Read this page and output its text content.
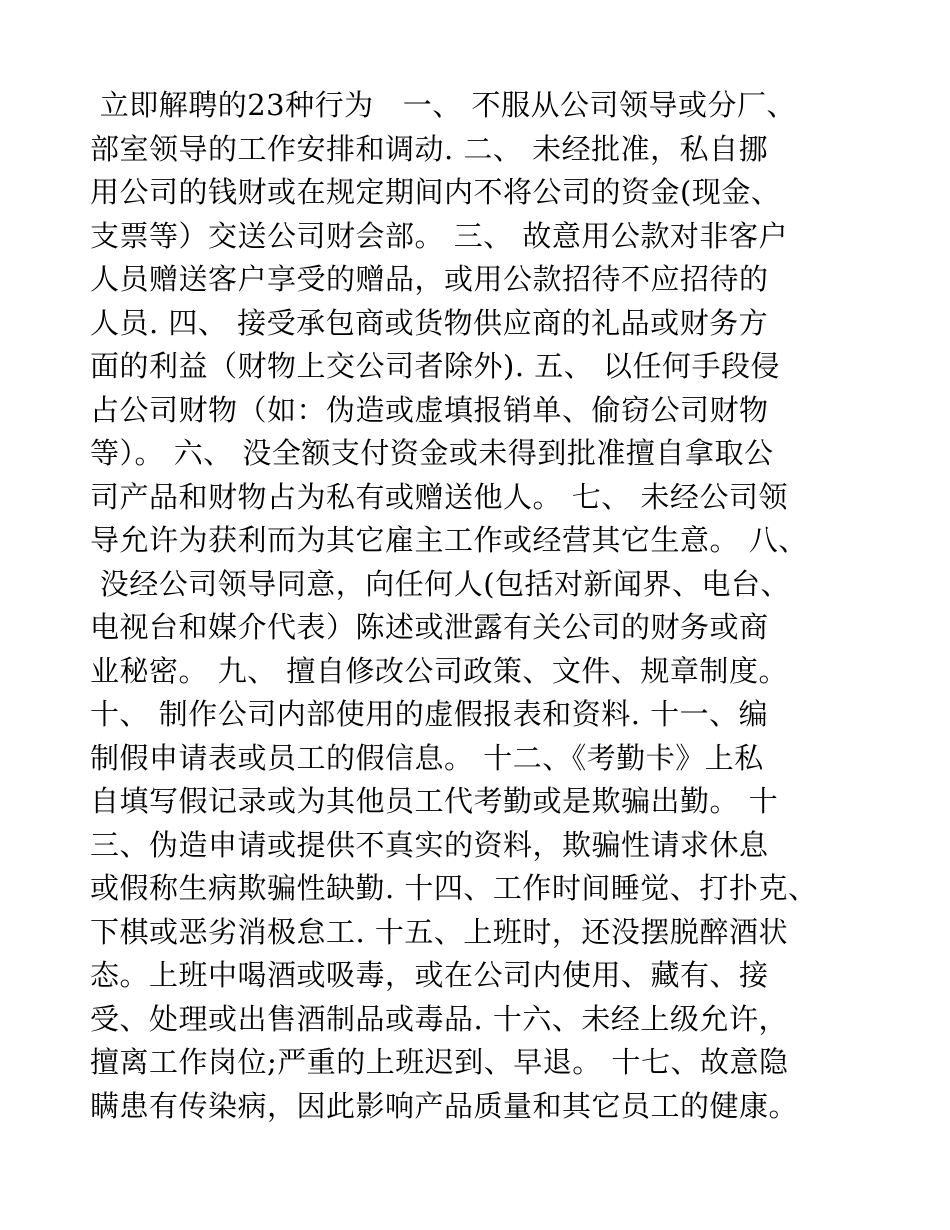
立即解聘的23种行为   一、 不服从公司领导或分厂、
部室领导的工作安排和调动. 二、 未经批准，私自挪
用公司的钱财或在规定期间内不将公司的资金(现金、
支票等）交送公司财会部。 三、 故意用公款对非客户
人员赠送客户享受的赠品，或用公款招待不应招待的
人员. 四、 接受承包商或货物供应商的礼品或财务方
面的利益（财物上交公司者除外). 五、 以任何手段侵
占公司财物（如：伪造或虚填报销单、偷窃公司财物
等）。 六、 没全额支付资金或未得到批准擅自拿取公
司产品和财物占为私有或赠送他人。 七、 未经公司领
导允许为获利而为其它雇主工作或经营其它生意。 八、
没经公司领导同意，向任何人(包括对新闻界、电台、
电视台和媒介代表）陈述或泄露有关公司的财务或商
业秘密。 九、 擅自修改公司政策、文件、规章制度。
十、 制作公司内部使用的虚假报表和资料. 十一、编
制假申请表或员工的假信息。 十二、《考勤卡》上私
自填写假记录或为其他员工代考勤或是欺骗出勤。 十
三、伪造申请或提供不真实的资料，欺骗性请求休息
或假称生病欺骗性缺勤. 十四、工作时间睡觉、打扑克、
下棋或恶劣消极怠工. 十五、上班时，还没摆脱醉酒状
态。上班中喝酒或吸毒，或在公司内使用、藏有、接
受、处理或出售酒制品或毒品. 十六、未经上级允许，
擅离工作岗位;严重的上班迟到、早退。 十七、故意隐
瞒患有传染病，因此影响产品质量和其它员工的健康。
